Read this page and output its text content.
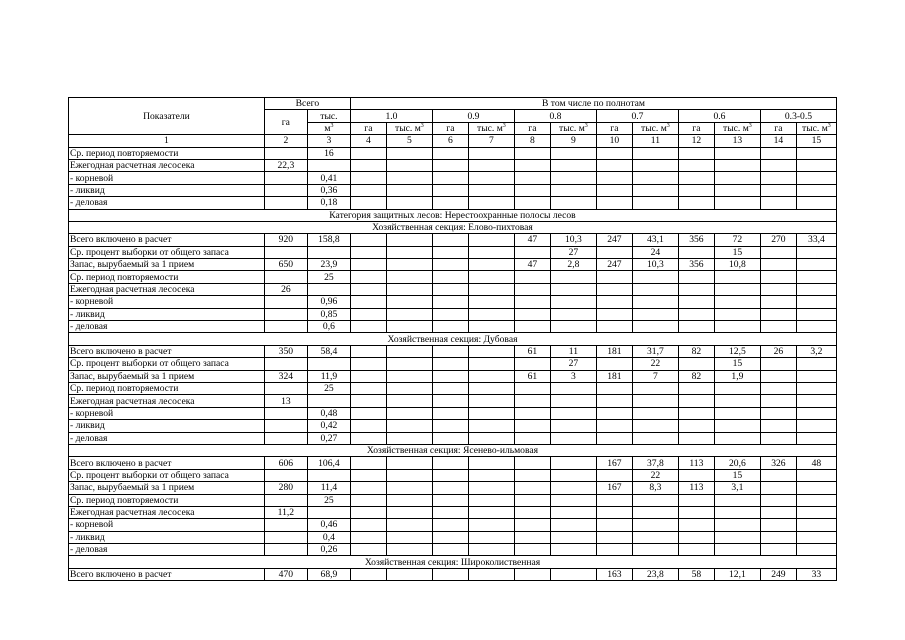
Показатели	Всего		В том числе по полнотам											
	га	тыс.	1.0		0.9		0.8		0.7		0.6		0.3-0.5	
		$м^3$	га	тыс. $м^3$	га	тыс. $м^3$	га	тыс. $м^3$	га	тыс. $м^3$	га	тыс. $м^3$	га	тыс. $м^3$
1	2	3	4	5	6	7	8	9	10	11	12	13	14	15
Ср. период повторяемости		16												
Ежегодная расчетная лесосека	22,3													
- корневой		0,41												
- ликвид		0,36												
- деловая		0,18												
Категория защитных лесов: Нерестоохранные полосы лесов														
Хозяйственная секция: Елово-пихтовая														
Всего включено в расчет	920	158,8					47	10,3	247	43,1	356	72	270	33,4
Ср. процент выборки от общего запаса								27		24		15		
Запас, вырубаемый за 1 прием	650	23,9					47	2,8	247	10,3	356	10,8		
Ср. период повторяемости		25												
Ежегодная расчетная лесосека	26													
- корневой		0,96												
- ликвид		0,85												
- деловая		0,6												
Хозяйственная секция: Дубовая														
Всего включено в расчет	350	58,4					61	11	181	31,7	82	12,5	26	3,2
Ср. процент выборки от общего запаса								27		22		15		
Запас, вырубаемый за 1 прием	324	11,9					61	3	181	7	82	1,9		
Ср. период повторяемости		25												
Ежегодная расчетная лесосека	13													
- корневой		0,48												
- ликвид		0,42												
- деловая		0,27												
Хозяйственная секция: Ясенево-ильмовая														
Всего включено в расчет	606	106,4							167	37,8	113	20,6	326	48
Ср. процент выборки от общего запаса										22		15		
Запас, вырубаемый за 1 прием	280	11,4							167	8,3	113	3,1		
Ср. период повторяемости		25												
Ежегодная расчетная лесосека	11,2													
- корневой		0,46												
- ликвид		0,4												
- деловая		0,26												
Хозяйственная секция: Широколиственная														
Всего включено в расчет	470	68,9							163	23,8	58	12,1	249	33
